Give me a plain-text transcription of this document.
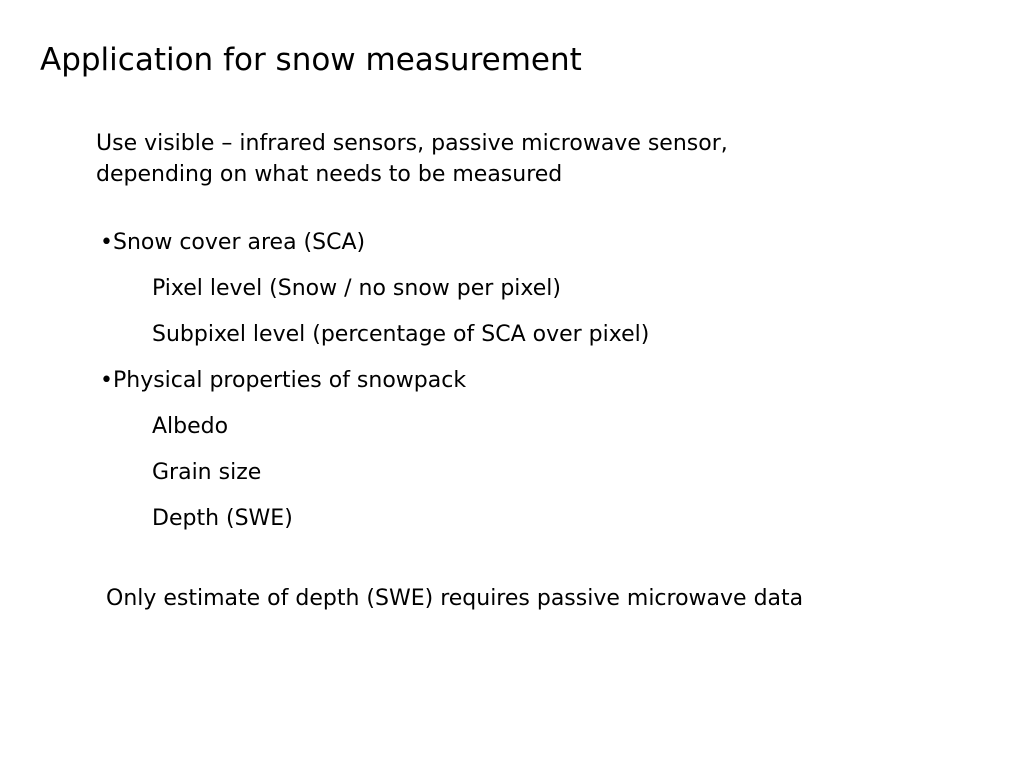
Application for snow measurement
Use visible – infrared sensors, passive microwave sensor,
depending on what needs to be measured
•Snow cover area (SCA)
Pixel level (Snow / no snow per pixel)
Subpixel level (percentage of SCA over pixel)
•Physical properties of snowpack
Albedo
Grain size
Depth (SWE)
Only estimate of depth (SWE) requires passive microwave data
